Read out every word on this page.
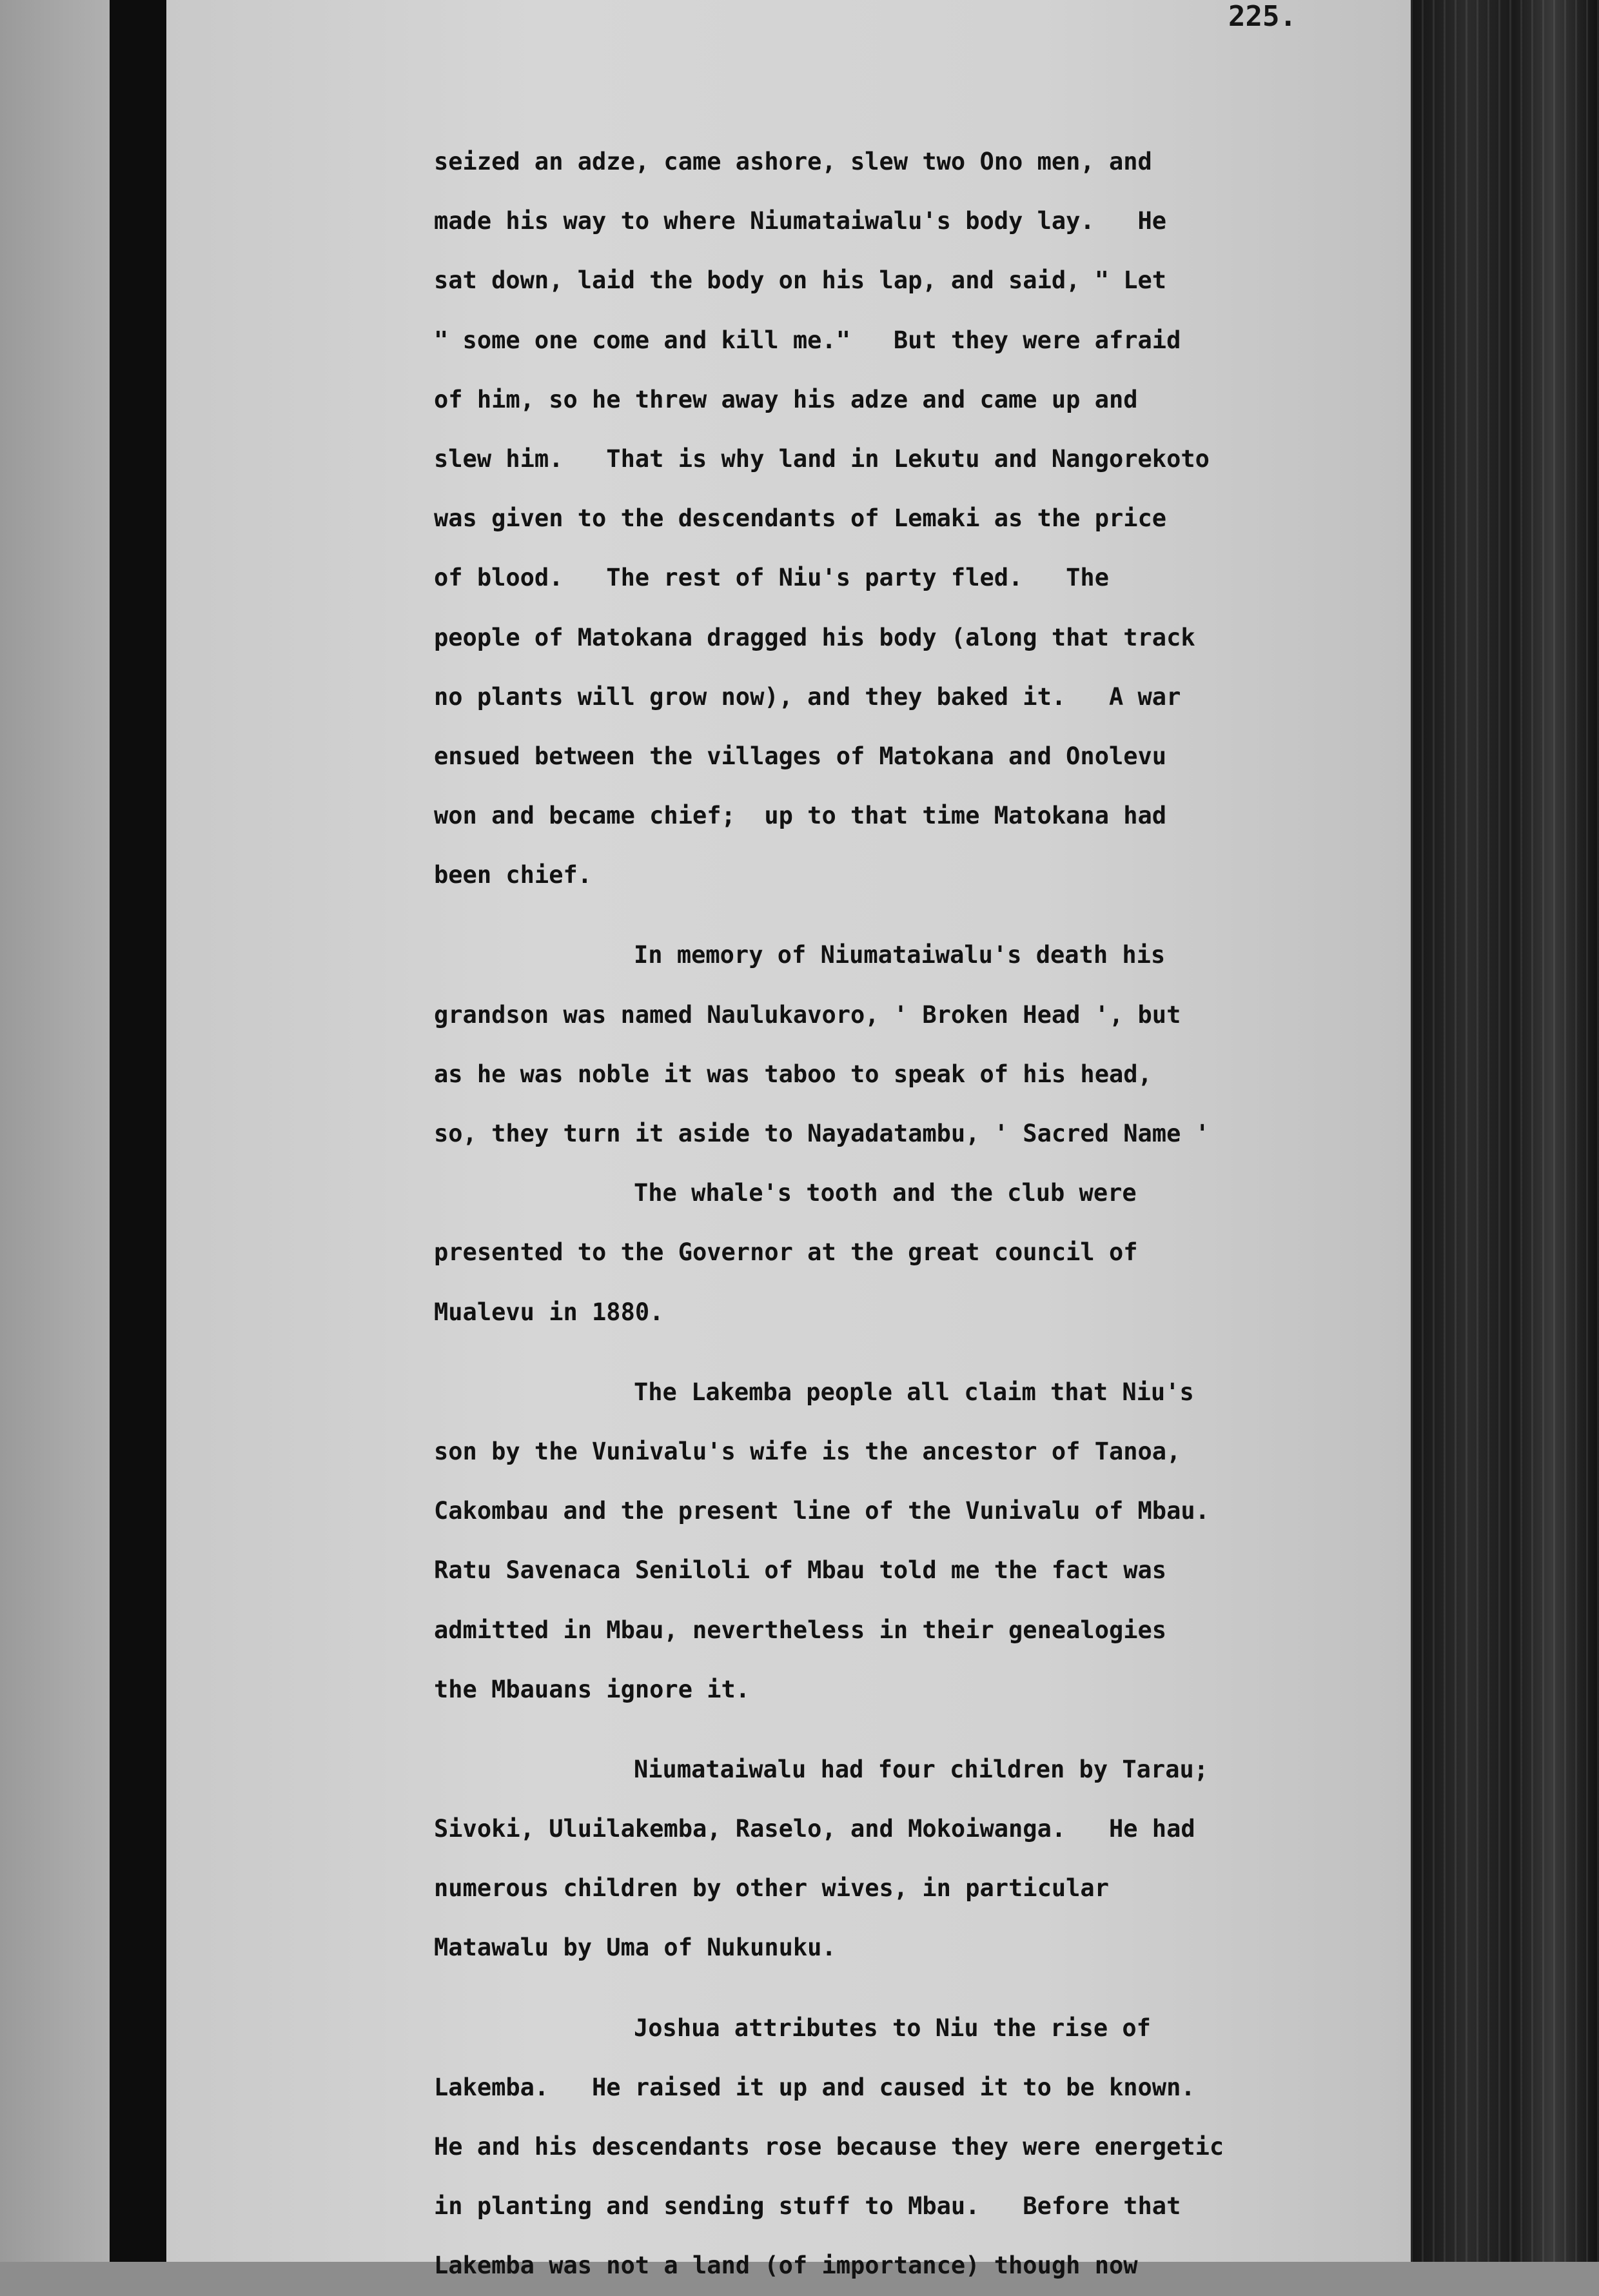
225.
seized an adze, came ashore, slew two Ono men, and
made his way to where Niumataiwalu's body lay.   He
sat down, laid the body on his lap, and said, " Let
" some one come and kill me."   But they were afraid
of him, so he threw away his adze and came up and
slew him.   That is why land in Lekutu and Nangorekoto
was given to the descendants of Lemaki as the price
of blood.   The rest of Niu's party fled.   The
people of Matokana dragged his body (along that track
no plants will grow now), and they baked it.   A war
ensued between the villages of Matokana and Onolevu
won and became chief;  up to that time Matokana had
been chief.
In memory of Niumataiwalu's death his
grandson was named Naulukavoro, ' Broken Head ', but
as he was noble it was taboo to speak of his head,
so, they turn it aside to Nayadatambu, ' Sacred Name '
The whale's tooth and the club were
presented to the Governor at the great council of
Mualevu in 1880.
The Lakemba people all claim that Niu's
son by the Vunivalu's wife is the ancestor of Tanoa,
Cakombau and the present line of the Vunivalu of Mbau.
Ratu Savenaca Seniloli of Mbau told me the fact was
admitted in Mbau, nevertheless in their genealogies
the Mbauans ignore it.
Niumataiwalu had four children by Tarau;
Sivoki, Uluilakemba, Raselo, and Mokoiwanga.   He had
numerous children by other wives, in particular
Matawalu by Uma of Nukunuku.
Joshua attributes to Niu the rise of
Lakemba.   He raised it up and caused it to be known.
He and his descendants rose because they were energetic
in planting and sending stuff to Mbau.   Before that
Lakemba was not a land (of importance) though now
